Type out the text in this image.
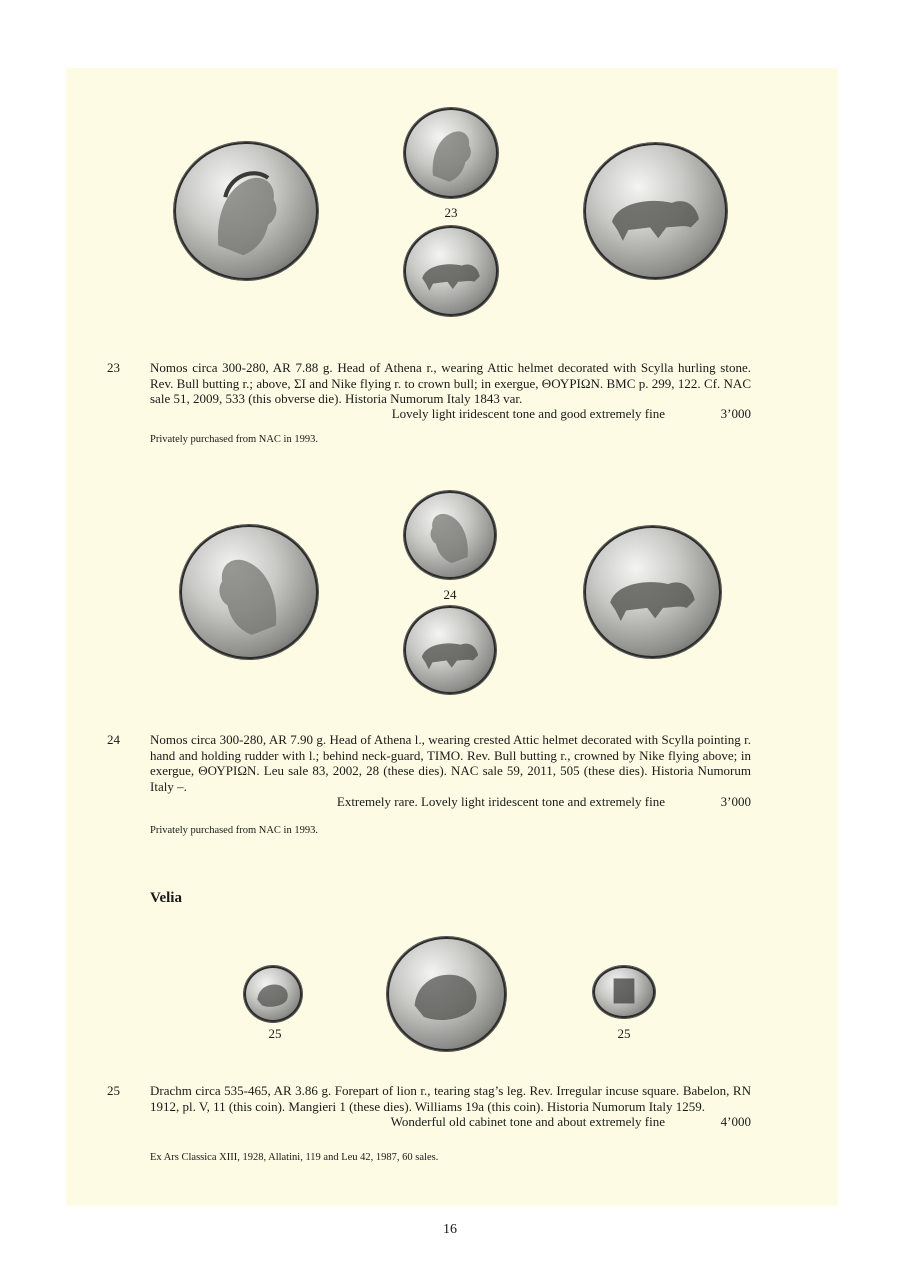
23
23 Nomos circa 300-280, AR 7.88 g. Head of Athena r., wearing Attic helmet decorated with Scylla hurling stone. Rev. Bull butting r.; above, ΣΙ and Nike flying r. to crown bull; in exergue, ΘΟΥΡΙΩΝ. BMC p. 299, 122. Cf. NAC sale 51, 2009, 533 (this obverse die). Historia Numorum Italy 1843 var.

Lovely light iridescent tone and good extremely fine	3’000
Privately purchased from NAC in 1993.
24
24 Nomos circa 300-280, AR 7.90 g. Head of Athena l., wearing crested Attic helmet decorated with Scylla pointing r. hand and holding rudder with l.; behind neck-guard, TIMO. Rev. Bull butting r., crowned by Nike flying above; in exergue, ΘΟΥΡΙΩΝ. Leu sale 83, 2002, 28 (these dies). NAC sale 59, 2011, 505 (these dies). Historia Numorum Italy –.

Extremely rare. Lovely light iridescent tone and extremely fine	3’000
Privately purchased from NAC in 1993.
Velia
25	25
25 Drachm circa 535-465, AR 3.86 g. Forepart of lion r., tearing stag’s leg. Rev. Irregular incuse square. Babelon, RN 1912, pl. V, 11 (this coin). Mangieri 1 (these dies). Williams 19a (this coin). Historia Numorum Italy 1259.

Wonderful old cabinet tone and about extremely fine	4’000
Ex Ars Classica XIII, 1928, Allatini, 119 and Leu 42, 1987, 60 sales.
16
